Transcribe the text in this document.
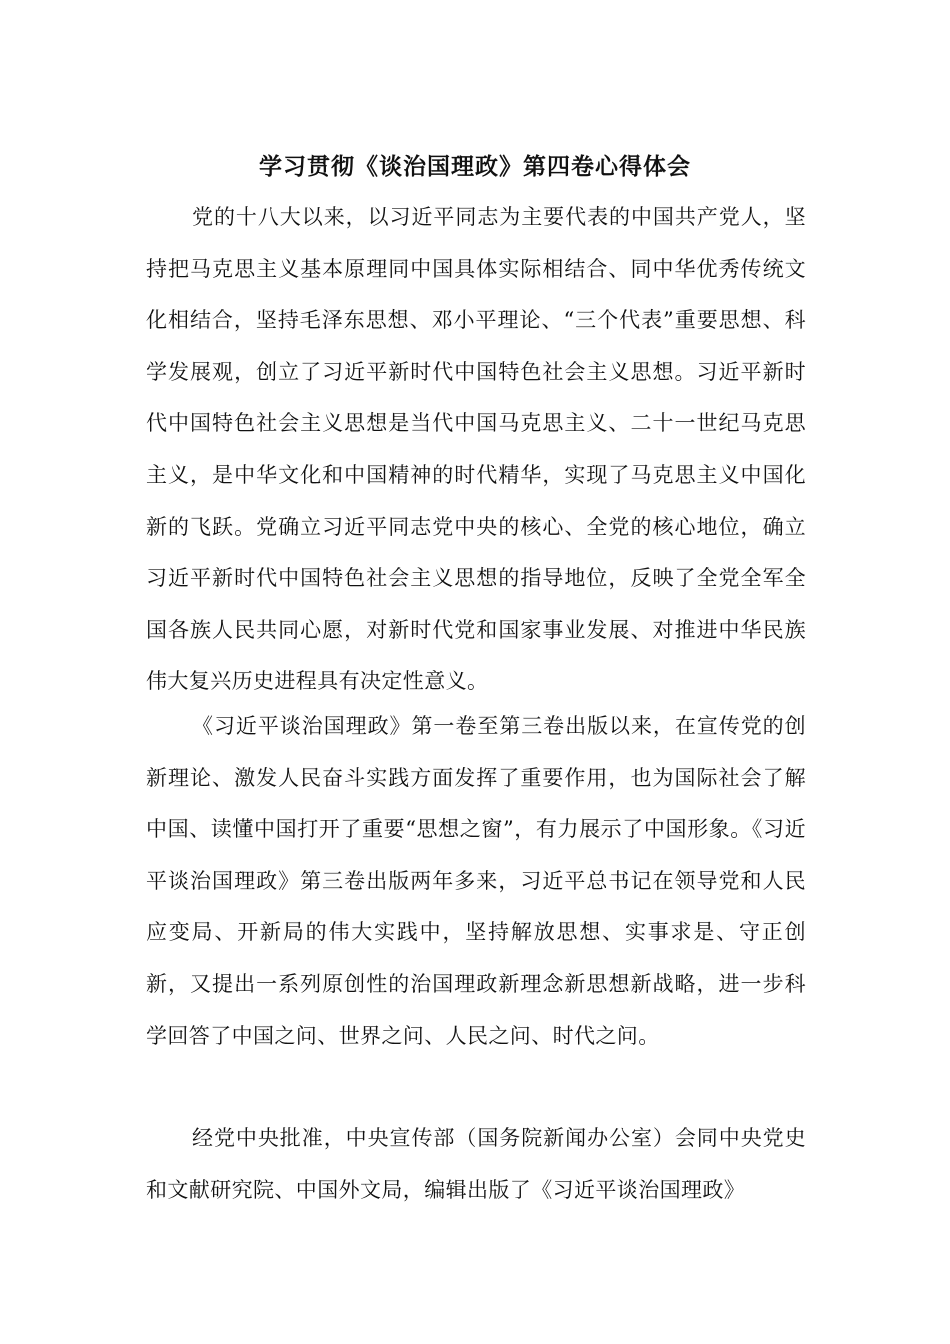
学习贯彻《谈治国理政》第四卷心得体会

党的十八大以来，以习近平同志为主要代表的中国共产党人，坚持把马克思主义基本原理同中国具体实际相结合、同中华优秀传统文化相结合，坚持毛泽东思想、邓小平理论、“三个代表”重要思想、科学发展观，创立了习近平新时代中国特色社会主义思想。习近平新时代中国特色社会主义思想是当代中国马克思主义、二十一世纪马克思主义，是中华文化和中国精神的时代精华，实现了马克思主义中国化新的飞跃。党确立习近平同志党中央的核心、全党的核心地位，确立习近平新时代中国特色社会主义思想的指导地位，反映了全党全军全国各族人民共同心愿，对新时代党和国家事业发展、对推进中华民族伟大复兴历史进程具有决定性意义。

《习近平谈治国理政》第一卷至第三卷出版以来，在宣传党的创新理论、激发人民奋斗实践方面发挥了重要作用，也为国际社会了解中国、读懂中国打开了重要“思想之窗”，有力展示了中国形象。《习近平谈治国理政》第三卷出版两年多来，习近平总书记在领导党和人民应变局、开新局的伟大实践中，坚持解放思想、实事求是、守正创新，又提出一系列原创性的治国理政新理念新思想新战略，进一步科学回答了中国之问、世界之问、人民之问、时代之问。

经党中央批准，中央宣传部（国务院新闻办公室）会同中央党史和文献研究院、中国外文局，编辑出版了《习近平谈治国理政》
